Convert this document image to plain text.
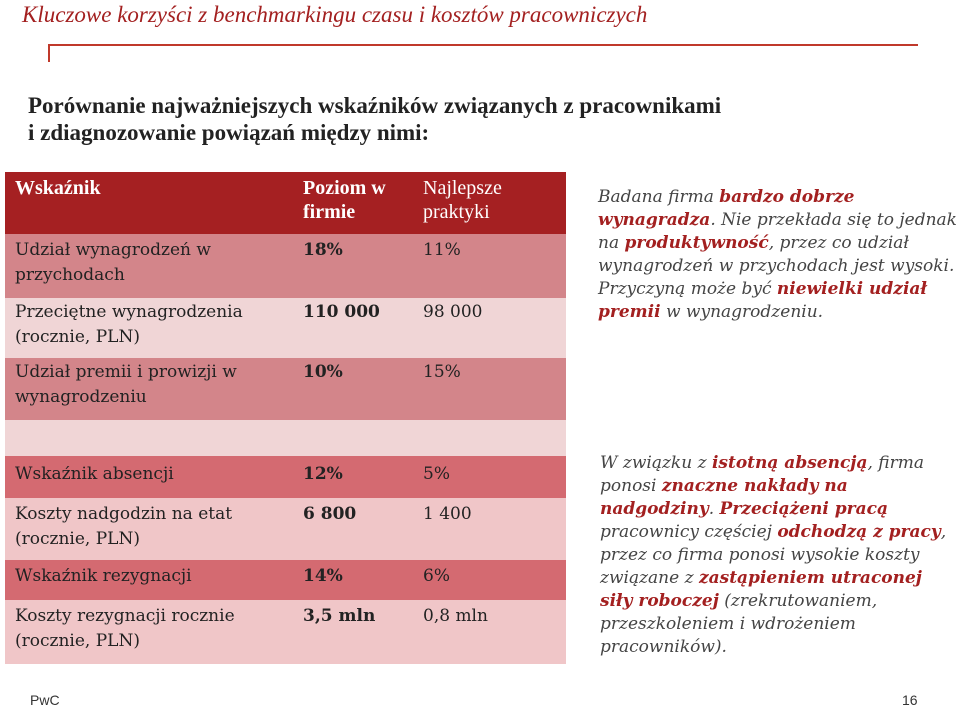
Kluczowe korzyści z benchmarkingu czasu i kosztów pracowniczych
Porównanie najważniejszych wskaźników związanych z pracownikami
i zdiagnozowanie powiązań między nimi:
Wskaźnik	Poziom w firmie	Najlepsze praktyki
Udział wynagrodzeń w przychodach	18%	11%
Przeciętne wynagrodzenia (rocznie, PLN)	110 000	98 000
Udział premii i prowizji w wynagrodzeniu	10%	15%

Wskaźnik absencji	12%	5%
Koszty nadgodzin na etat (rocznie, PLN)	6 800	1 400
Wskaźnik rezygnacji	14%	6%
Koszty rezygnacji rocznie (rocznie, PLN)	3,5 mln	0,8 mln
Badana firma bardzo dobrze wynagradza. Nie przekłada się to jednak na produktywność, przez co udział wynagrodzeń w przychodach jest wysoki. Przyczyną może być niewielki udział premii w wynagrodzeniu.
W związku z istotną absencją, firma ponosi znaczne nakłady na nadgodziny. Przeciążeni pracą pracownicy częściej odchodzą z pracy, przez co firma ponosi wysokie koszty związane z zastąpieniem utraconej siły roboczej (zrekrutowaniem, przeszkoleniem i wdrożeniem pracowników).
PwC	16
